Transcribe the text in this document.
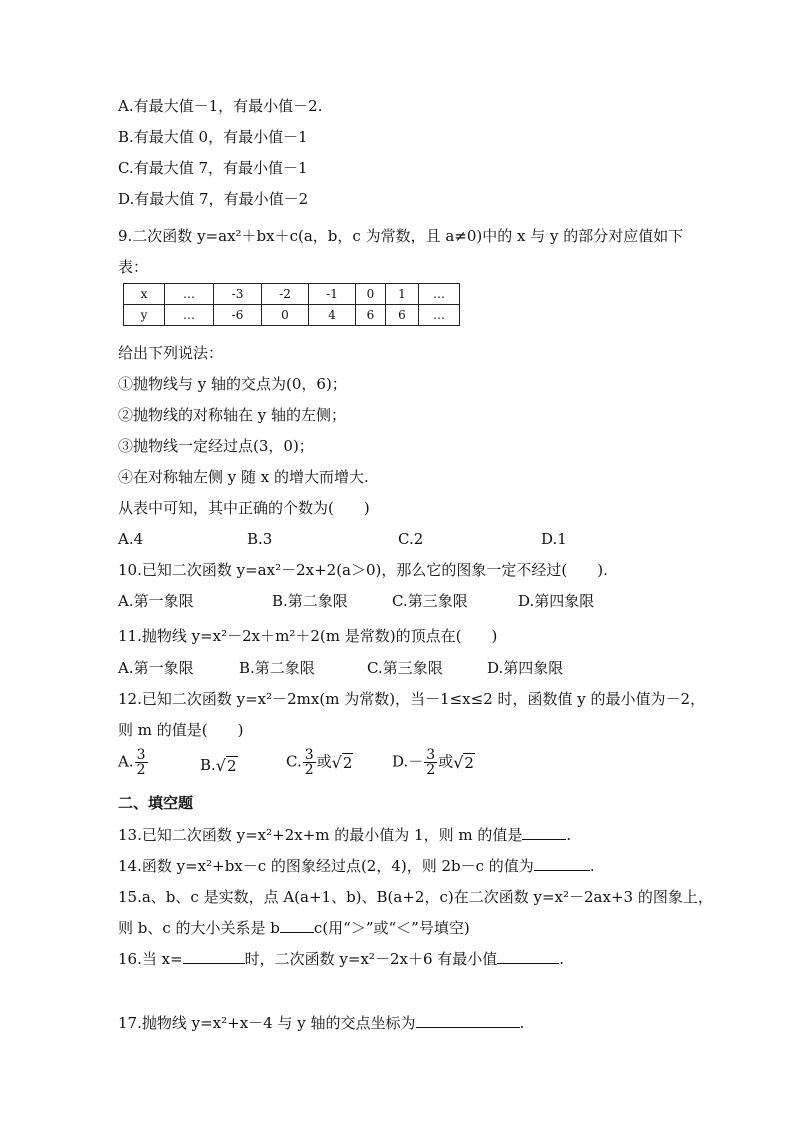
A.有最大值－1，有最小值－2.
B.有最大值 0，有最小值－1
C.有最大值 7，有最小值－1
D.有最大值 7，有最小值－2
9.二次函数 y=ax²＋bx＋c(a，b，c 为常数，且 a≠0)中的 x 与 y 的部分对应值如下
表：
x	…	-3	-2	-1	0	1	…
y	…	-6	0	4	6	6	…
给出下列说法：
①抛物线与 y 轴的交点为(0，6)；
②抛物线的对称轴在 y 轴的左侧；
③抛物线一定经过点(3，0)；
④在对称轴左侧 y 随 x 的增大而增大.
从表中可知，其中正确的个数为(　　)
A.4	B.3	C.2	D.1
10.已知二次函数 y=ax²－2x+2(a＞0)，那么它的图象一定不经过(　　).
A.第一象限	B.第二象限	C.第三象限	D.第四象限
11.抛物线 y=x²－2x＋m²＋2(m 是常数)的顶点在(　　)
A.第一象限	B.第二象限	C.第三象限	D.第四象限
12.已知二次函数 y=x²－2mx(m 为常数)，当－1≤x≤2 时，函数值 y 的最小值为－2，
则 m 的值是(　　)
A. $\frac{3}{2}$	B.√2	C. $\frac{3}{2}$ 或√2	$D.- \frac{3}{2}$ 或√2
二、填空题
13.已知二次函数 y=x²+2x+m 的最小值为 1，则 m 的值是	.
14.函数 y=x²+bx－c 的图象经过点(2，4)，则 2b－c 的值为	.
15.a、b、c 是实数，点 A(a+1、b)、B(a+2，c)在二次函数 y=x²－2ax+3 的图象上，
则 b、c 的大小关系是 b c(用“＞”或“＜”号填空)
16.当 x=	时，二次函数 y=x²－2x＋6 有最小值	.
17.抛物线 y=x²+x－4 与 y 轴的交点坐标为	.
